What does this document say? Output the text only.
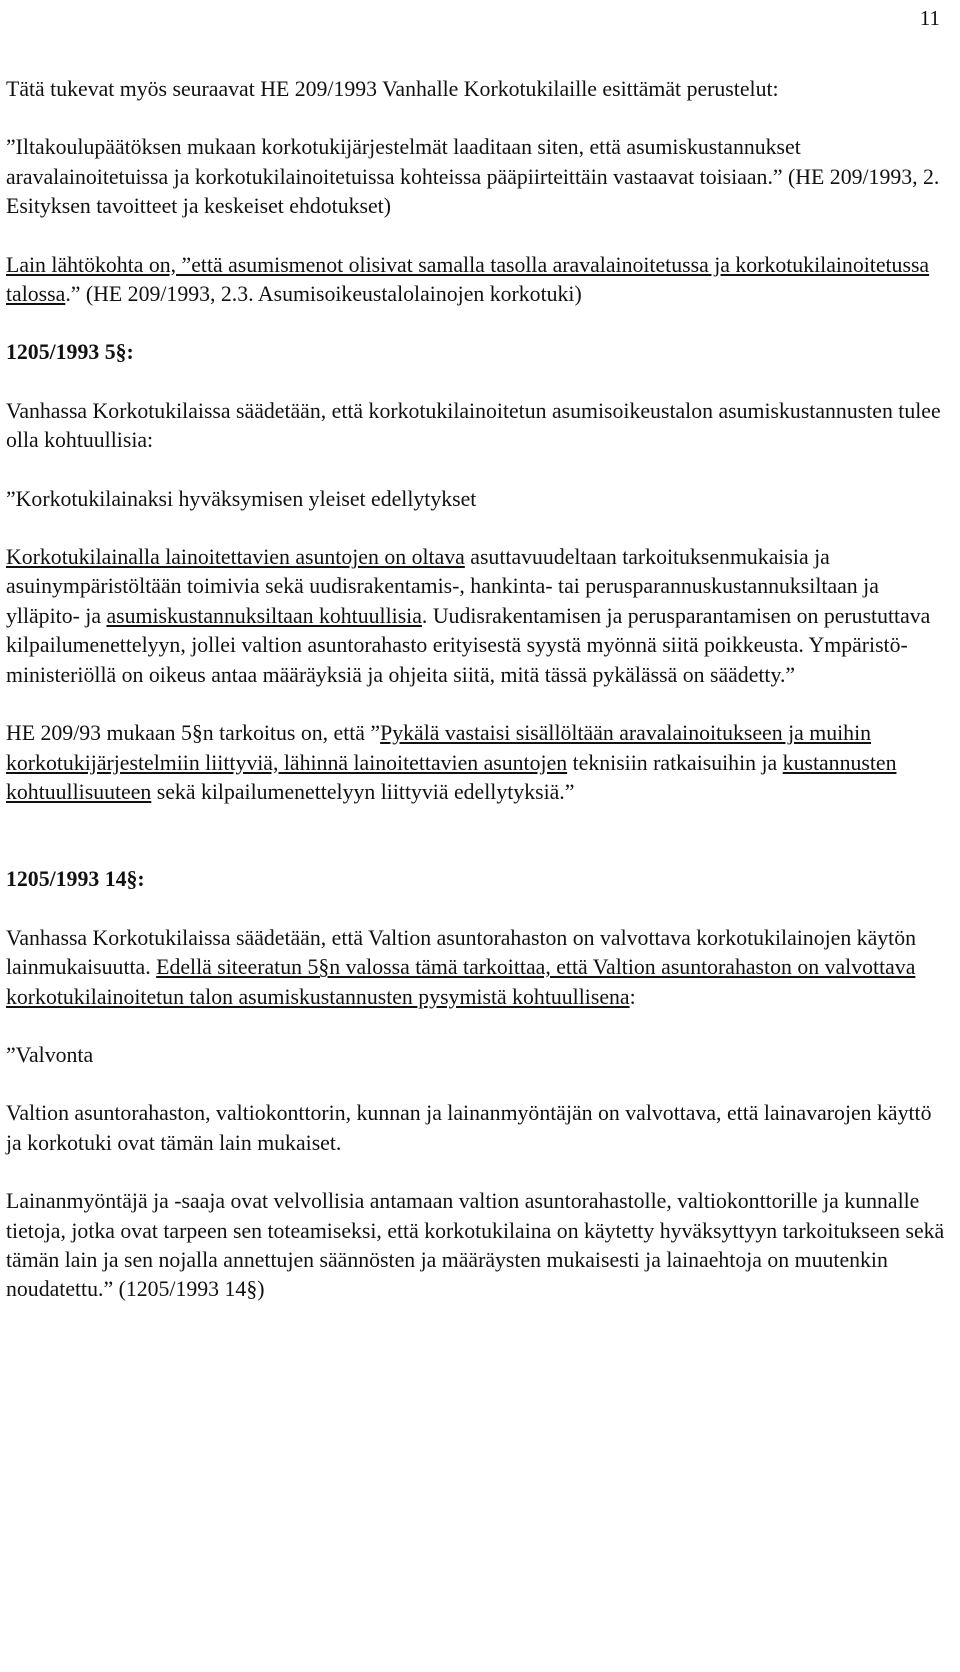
11

Tätä tukevat myös seuraavat HE 209/1993 Vanhalle Korkotukilaille esittämät perustelut:

”Iltakoulupäätöksen mukaan korkotukijärjestelmät laaditaan siten, että asumiskustannukset aravalainoitetuissa ja korkotukilainoitetuissa kohteissa pääpiirteittäin vastaavat toisiaan.” (HE 209/1993, 2. Esityksen tavoitteet ja keskeiset ehdotukset)

Lain lähtökohta on, ”että asumismenot olisivat samalla tasolla aravalainoitetussa ja korkotukilainoitetussa talossa.” (HE 209/1993, 2.3. Asumisoikeustalolainojen korkotuki)

1205/1993 5§:

Vanhassa Korkotukilaissa säädetään, että korkotukilainoitetun asumisoikeustalon asumiskustannusten tulee olla kohtuullisia:

”Korkotukilainaksi hyväksymisen yleiset edellytykset

Korkotukilainalla lainoitettavien asuntojen on oltava asuttavuudeltaan tarkoituksenmukaisia ja asuinympäristöltään toimivia sekä uudisrakentamis-, hankinta- tai perusparannuskustannuksiltaan ja ylläpito- ja asumiskustannuksiltaan kohtuullisia. Uudisrakentamisen ja perusparantamisen on perustuttava kilpailumenettelyyn, jollei valtion asuntorahasto erityisestä syystä myönnä siitä poikkeusta. Ympäristö- ministeriöllä on oikeus antaa määräyksiä ja ohjeita siitä, mitä tässä pykälässä on säädetty.”

HE 209/93 mukaan 5§n tarkoitus on, että ”Pykälä vastaisi sisällöltään aravalainoitukseen ja muihin korkotukijärjestelmiin liittyviä, lähinnä lainoitettavien asuntojen teknisiin ratkaisuihin ja kustannusten kohtuullisuuteen sekä kilpailumenettelyyn liittyviä edellytyksiä.”

1205/1993 14§:

Vanhassa Korkotukilaissa säädetään, että Valtion asuntorahaston on valvottava korkotukilainojen käytön lainmukaisuutta. Edellä siteeratun 5§n valossa tämä tarkoittaa, että Valtion asuntorahaston on valvottava korkotukilainoitetun talon asumiskustannusten pysymistä kohtuullisena:

”Valvonta

Valtion asuntorahaston, valtiokonttorin, kunnan ja lainanmyöntäjän on valvottava, että lainavarojen käyttö ja korkotuki ovat tämän lain mukaiset.

Lainanmyöntäjä ja -saaja ovat velvollisia antamaan valtion asuntorahastolle, valtiokonttorille ja kunnalle tietoja, jotka ovat tarpeen sen toteamiseksi, että korkotukilaina on käytetty hyväksyttyyn tarkoitukseen sekä tämän lain ja sen nojalla annettujen säännösten ja määräysten mukaisesti ja lainaehtoja on muutenkin noudatettu.” (1205/1993 14§)
